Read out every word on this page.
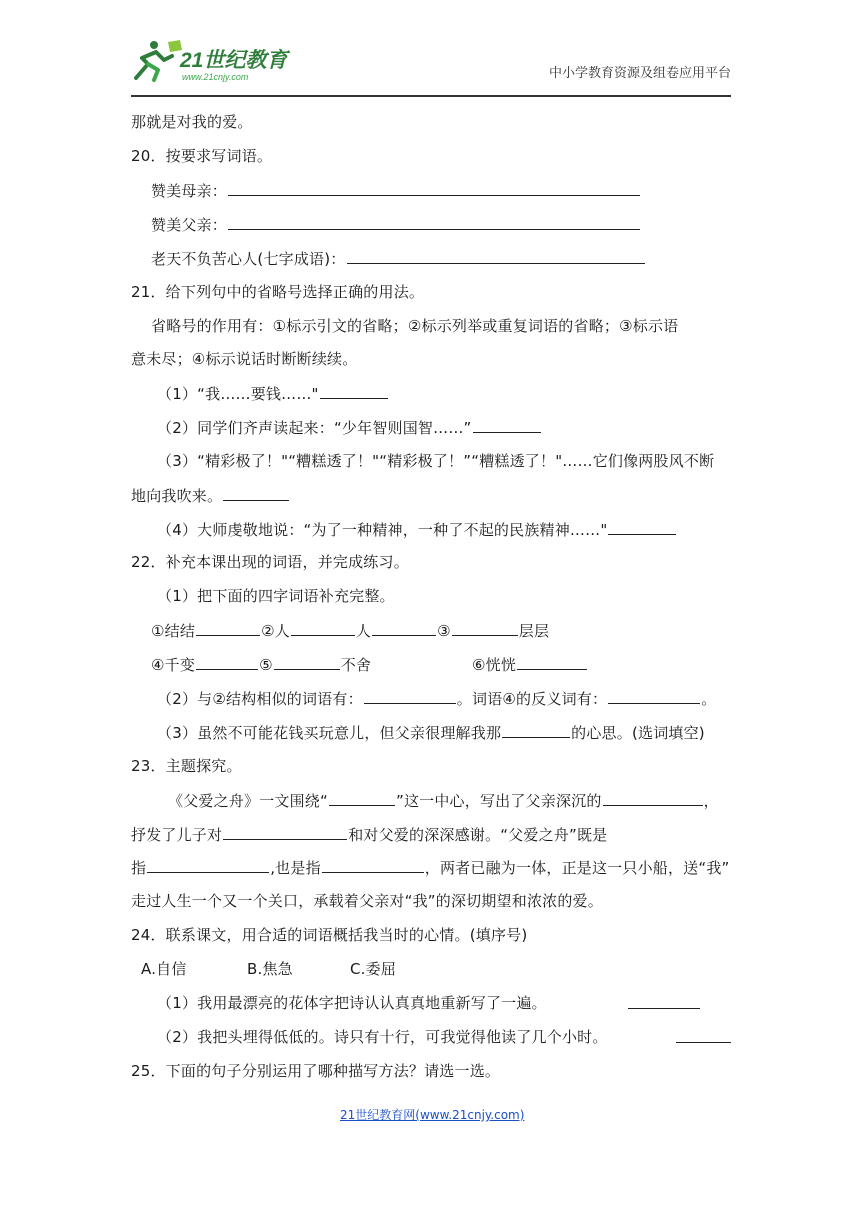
21世纪教育
www.21cnjy.com	中小学教育资源及组卷应用平台
那就是对我的爱。
20．按要求写词语。
赞美母亲：
赞美父亲：
老天不负苦心人(七字成语)：
21．给下列句中的省略号选择正确的用法。
省略号的作用有：①标示引文的省略；②标示列举或重复词语的省略；③标示语
意未尽；④标示说话时断断续续。
（1）“我……要钱……"
（2）同学们齐声读起来：“少年智则国智……”
（3）“精彩极了！"“糟糕透了！"“精彩极了！”“糟糕透了！"……它们像两股风不断
地向我吹来。
（4）大师虔敬地说：“为了一种精神，一种了不起的民族精神……"
22．补充本课出现的词语，并完成练习。
（1）把下面的四字词语补充完整。
①结结	②人	人	③	层层
④千变	⑤	不舍	⑥恍恍
（2）与②结构相似的词语有：	。词语④的反义词有：	。
（3）虽然不可能花钱买玩意儿，但父亲很理解我那	的心思。(选词填空)
23．主题探究。
《父爱之舟》一文围绕“	”这一中心，写出了父亲深沉的	，
抒发了儿子对	和对父爱的深深感谢。“父爱之舟”既是
指	,也是指	，两者已融为一体，正是这一只小船，送“我”
走过人生一个又一个关口，承载着父亲对“我”的深切期望和浓浓的爱。
24．联系课文，用合适的词语概括我当时的心情。(填序号)
A.自信	B.焦急	C.委屈
（1）我用最漂亮的花体字把诗认认真真地重新写了一遍。
（2）我把头埋得低低的。诗只有十行，可我觉得他读了几个小时。
25．下面的句子分别运用了哪种描写方法？请选一选。
21世纪教育网(www.21cnjy.com)
